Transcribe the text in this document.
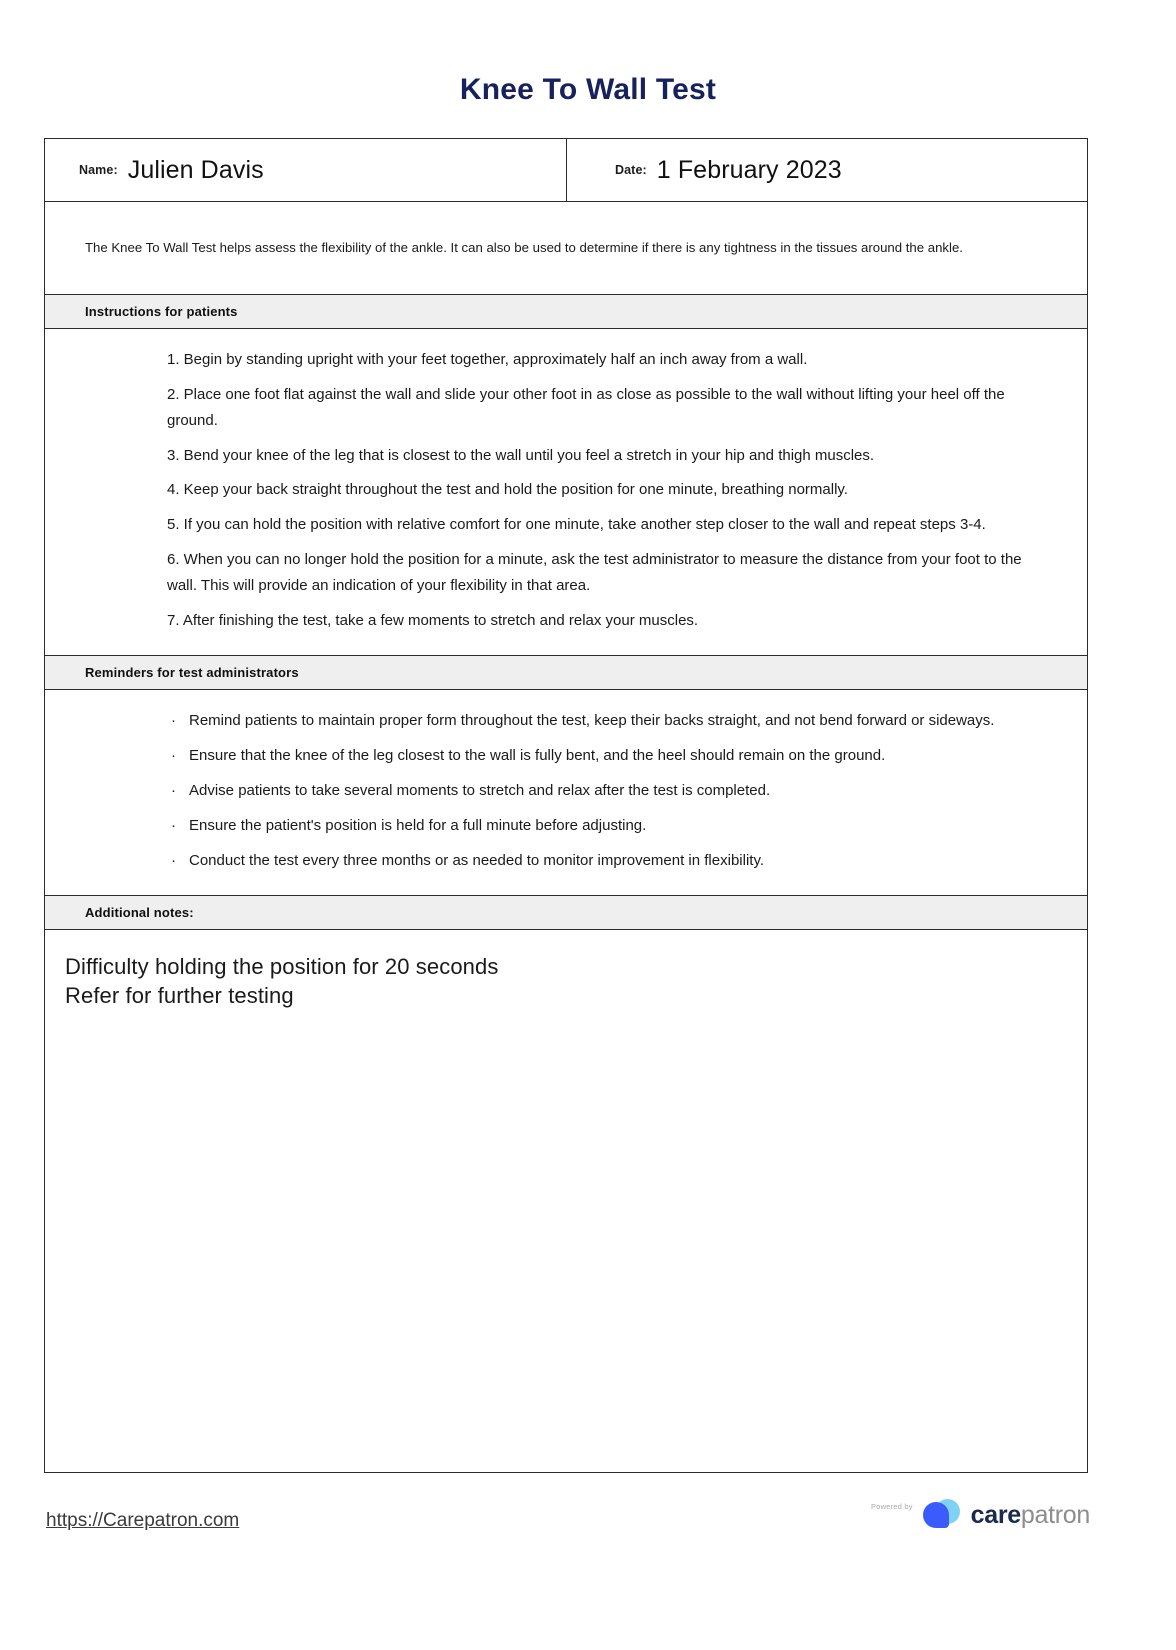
Knee To Wall Test
Name: Julien Davis	Date: 1 February 2023

The Knee To Wall Test helps assess the flexibility of the ankle. It can also be used to determine if there is any tightness in the tissues around the ankle.

Instructions for patients
1. Begin by standing upright with your feet together, approximately half an inch away from a wall.
2. Place one foot flat against the wall and slide your other foot in as close as possible to the wall without lifting your heel off the ground.
3. Bend your knee of the leg that is closest to the wall until you feel a stretch in your hip and thigh muscles.
4. Keep your back straight throughout the test and hold the position for one minute, breathing normally.
5. If you can hold the position with relative comfort for one minute, take another step closer to the wall and repeat steps 3-4.
6. When you can no longer hold the position for a minute, ask the test administrator to measure the distance from your foot to the wall. This will provide an indication of your flexibility in that area.
7. After finishing the test, take a few moments to stretch and relax your muscles.
Reminders for test administrators
· Remind patients to maintain proper form throughout the test, keep their backs straight, and not bend forward or sideways.
· Ensure that the knee of the leg closest to the wall is fully bent, and the heel should remain on the ground.
· Advise patients to take several moments to stretch and relax after the test is completed.
· Ensure the patient's position is held for a full minute before adjusting.
· Conduct the test every three months or as needed to monitor improvement in flexibility.
Additional notes:
Difficulty holding the position for 20 seconds
Refer for further testing
https://Carepatron.com
Powered by carepatron
